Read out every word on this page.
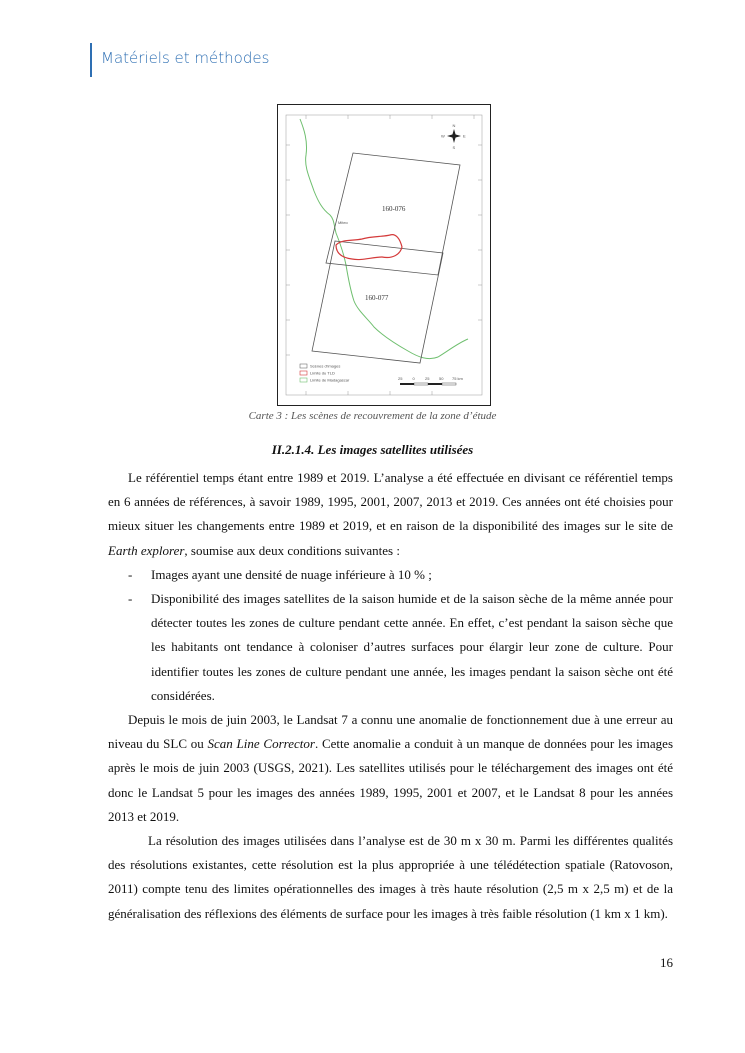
Matériels et méthodes
160-076
160-077
Miteo
N
S
E
W
Scènes d'images
Limite du TLD
Limite de Madagascar	25	0	25 50 75 km
Carte 3 : Les scènes de recouvrement de la zone d’étude
II.2.1.4. Les images satellites utilisées

Le référentiel temps étant entre 1989 et 2019. L’analyse a été effectuée en divisant ce référentiel temps en 6 années de références, à savoir 1989, 1995, 2001, 2007, 2013 et 2019. Ces années ont été choisies pour mieux situer les changements entre 1989 et 2019, et en raison de la disponibilité des images sur le site de Earth explorer, soumise aux deux conditions suivantes :

- Images ayant une densité de nuage inférieure à 10 % ;
- Disponibilité des images satellites de la saison humide et de la saison sèche de la même année pour détecter toutes les zones de culture pendant cette année. En effet, c’est pendant la saison sèche que les habitants ont tendance à coloniser d’autres surfaces pour élargir leur zone de culture. Pour identifier toutes les zones de culture pendant une année, les images pendant la saison sèche ont été considérées.

Depuis le mois de juin 2003, le Landsat 7 a connu une anomalie de fonctionnement due à une erreur au niveau du SLC ou Scan Line Corrector. Cette anomalie a conduit à un manque de données pour les images après le mois de juin 2003 (USGS, 2021). Les satellites utilisés pour le téléchargement des images ont été donc le Landsat 5 pour les images des années 1989, 1995, 2001 et 2007, et le Landsat 8 pour les années 2013 et 2019.

La résolution des images utilisées dans l’analyse est de 30 m x 30 m. Parmi les différentes qualités des résolutions existantes, cette résolution est la plus appropriée à une télédétection spatiale (Ratovoson, 2011) compte tenu des limites opérationnelles des images à très haute résolution (2,5 m x 2,5 m) et de la généralisation des réflexions des éléments de surface pour les images à très faible résolution (1 km x 1 km).

16
